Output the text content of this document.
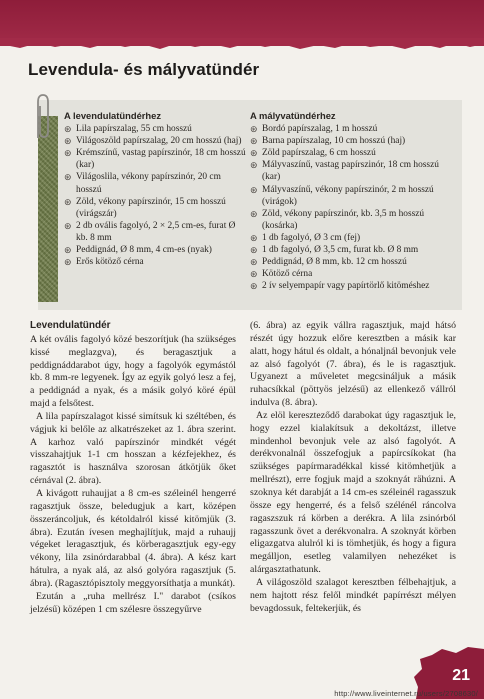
Levendula- és mályvatündér
A levendulatündérhez
⊛ Lila papírszalag, 55 cm hosszú
⊛ Világoszöld papírszalag, 20 cm hosszú (haj)
⊛ Krémszínű, vastag papírszinór, 18 cm hosszú (kar)
⊛ Világoslila, vékony papírszinór, 20 cm hosszú
⊛ Zöld, vékony papírszinór, 15 cm hosszú (virágszár)
⊛ 2 db ovális fagolyó, 2 × 2,5 cm-es, furat Ø kb. 8 mm
⊛ Peddignád, Ø 8 mm, 4 cm-es (nyak)
⊛ Erős kötöző cérna
A mályvatündérhez
⊛ Bordó papírszalag, 1 m hosszú
⊛ Barna papírszalag, 10 cm hosszú (haj)
⊛ Zöld papírszalag, 6 cm hosszú
⊛ Mályvaszínű, vastag papírszinór, 18 cm hosszú (kar)
⊛ Mályvaszínű, vékony papírszinór, 2 m hosszú (virágok)
⊛ Zöld, vékony papírszinór, kb. 3,5 m hosszú (kosárka)
⊛ 1 db fagolyó, Ø 3 cm (fej)
⊛ 1 db fagolyó, Ø 3,5 cm, furat kb. Ø 8 mm
⊛ Peddignád, Ø 8 mm, kb. 12 cm hosszú
⊛ Kötöző cérna
⊛ 2 ív selyempapír vagy papírtörlő kitöméshez
Levendulatündér

A két ovális fagolyó közé beszorítjuk (ha szükséges kissé meglazgva), és beragasztjuk a peddignáddarabot úgy, hogy a fagolyók egymástól kb. 8 mm-re legyenek. Így az egyik golyó lesz a fej, a peddignád a nyak, és a másik golyó köré épül majd a felsőtest.

A lila papírszalagot kissé simítsuk ki széltében, és vágjuk ki belőle az alkatrészeket az 1. ábra szerint. A karhoz való papírszinór mindkét végét visszahajtjuk 1-1 cm hosszan a kézfejekhez, és ragasztót is használva szorosan átkötjük őket cérnával (2. ábra).

A kivágott ruhaujjat a 8 cm-es széleinél hengerré ragasztjuk össze, beledugjuk a kart, középen összeráncoljuk, és kétoldalról kissé kitömjük (3. ábra). Ezután ívesen meghajlítjuk, majd a ruhaujj végeket leragasztjuk, és körberagasztjuk egy-egy vékony, lila zsinórdarabbal (4. ábra). A kész kart hátulra, a nyak alá, az alsó golyóra ragasztjuk (5. ábra). (Ragasztópisztoly meggyorsíthatja a munkát).

Ezután a „ruha mellrész I." darabot (csíkos jelzésű) középen 1 cm szélesre összegyűrve

(6. ábra) az egyik vállra ragasztjuk, majd hátsó részét úgy hozzuk előre keresztben a másik kar alatt, hogy hátul és oldalt, a hónaljnál bevonjuk vele az alsó fagolyót (7. ábra), és le is ragasztjuk. Ugyanezt a műveletet megcsináljuk a másik ruhacsíkkal (pöttyös jelzésű) az ellenkező vállról indulva (8. ábra).

Az elöl kereszteződő darabokat úgy ragasztjuk le, hogy ezzel kialakítsuk a dekoltázst, illetve mindenhol bevonjuk vele az alsó fagolyót. A derékvonalnál összefogjuk a papírcsíkokat (ha szükséges papírmaradékkal kissé kitömhetjük a mellrészt), erre fogjuk majd a szoknyát rähúzni. A szoknya két darabját a 14 cm-es széleinél ragasszuk össze egy hengerré, és a felső szélénél ráncolva ragaszszuk rá körben a derékra. A lila zsinórból ragasszunk övet a derékvonalra. A szoknyát körben eligazgatva alulról ki is tömhetjük, és hogy a figura megálljon, esetleg valamilyen nehezéket is alárgasztathatunk.

A világoszöld szalagot keresztben félbehajtjuk, a nem hajtott rész felől mindkét papírrészt mélyen bevagdossuk, feltekerjük, és

21
http://www.liveinternet.ru/users/2708630/
